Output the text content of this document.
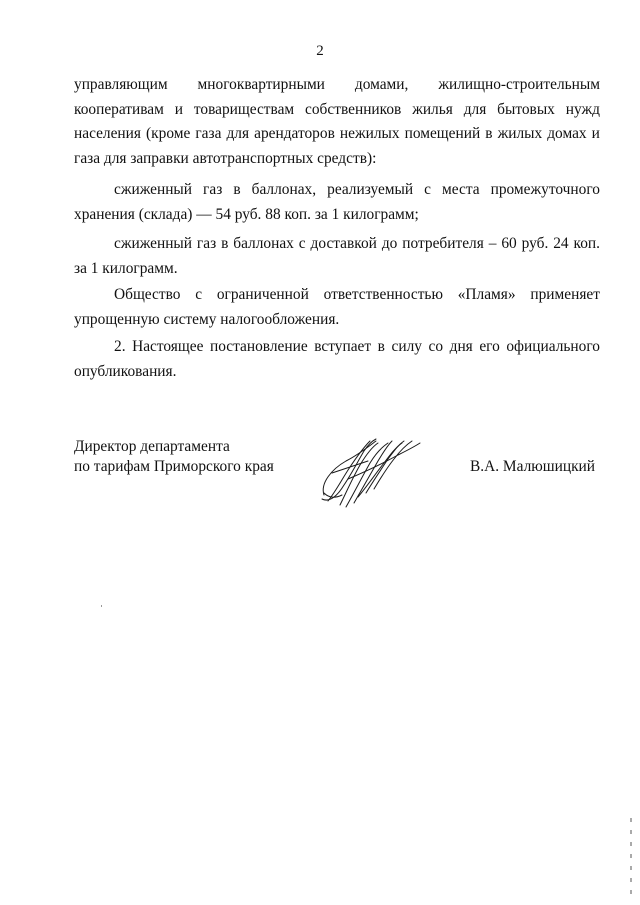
2
управляющим многоквартирными домами, жилищно-строительным
кооперативам и товариществам собственников жилья для бытовых нужд
населения (кроме газа для арендаторов нежилых помещений в жилых домах и
газа для заправки автотранспортных средств):
сжиженный газ в баллонах, реализуемый с места промежуточного
хранения (склада) — 54 руб. 88 коп. за 1 килограмм;
сжиженный газ в баллонах с доставкой до потребителя – 60 руб. 24 коп.
за 1 килограмм.
Общество с ограниченной ответственностью «Пламя» применяет
упрощенную систему налогообложения.
2. Настоящее постановление вступает в силу со дня его официального
опубликования.
Директор департамента
по тарифам Приморского края	В.А. Малюшицкий
